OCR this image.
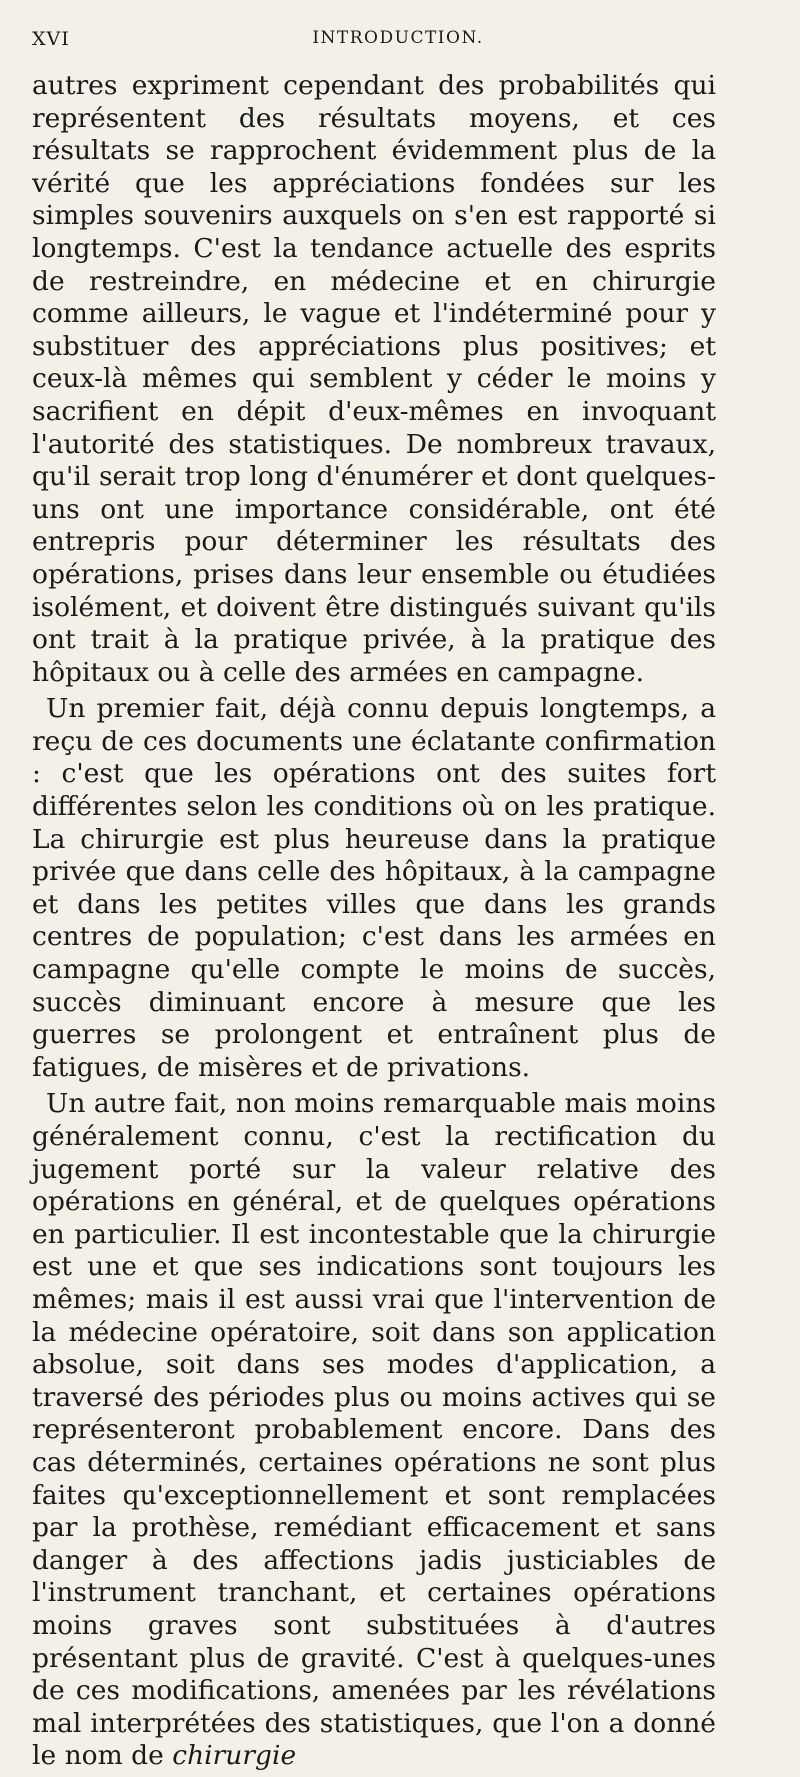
XVI	INTRODUCTION.

autres expriment cependant des probabilités qui représentent des résultats moyens, et ces résultats se rapprochent évidemment plus de la vérité que les appréciations fondées sur les simples souvenirs auxquels on s'en est rapporté si longtemps. C'est la tendance actuelle des esprits de restreindre, en médecine et en chirurgie comme ailleurs, le vague et l'indéterminé pour y substituer des appréciations plus positives; et ceux-là mêmes qui semblent y céder le moins y sacrifient en dépit d'eux-mêmes en invoquant l'autorité des statistiques. De nombreux travaux, qu'il serait trop long d'énumérer et dont quelques-uns ont une importance considérable, ont été entrepris pour déterminer les résultats des opérations, prises dans leur ensemble ou étudiées isolément, et doivent être distingués suivant qu'ils ont trait à la pratique privée, à la pratique des hôpitaux ou à celle des armées en campagne.

Un premier fait, déjà connu depuis longtemps, a reçu de ces documents une éclatante confirmation : c'est que les opérations ont des suites fort différentes selon les conditions où on les pratique. La chirurgie est plus heureuse dans la pratique privée que dans celle des hôpitaux, à la campagne et dans les petites villes que dans les grands centres de population; c'est dans les armées en campagne qu'elle compte le moins de succès, succès diminuant encore à mesure que les guerres se prolongent et entraînent plus de fatigues, de misères et de privations.

Un autre fait, non moins remarquable mais moins généralement connu, c'est la rectification du jugement porté sur la valeur relative des opérations en général, et de quelques opérations en particulier. Il est incontestable que la chirurgie est une et que ses indications sont toujours les mêmes; mais il est aussi vrai que l'intervention de la médecine opératoire, soit dans son application absolue, soit dans ses modes d'application, a traversé des périodes plus ou moins actives qui se représenteront probablement encore. Dans des cas déterminés, certaines opérations ne sont plus faites qu'exceptionnellement et sont remplacées par la prothèse, remédiant efficacement et sans danger à des affections jadis justiciables de l'instrument tranchant, et certaines opérations moins graves sont substituées à d'autres présentant plus de gravité. C'est à quelques-unes de ces modifications, amenées par les révélations mal interprétées des statistiques, que l'on a donné le nom de chirurgie
